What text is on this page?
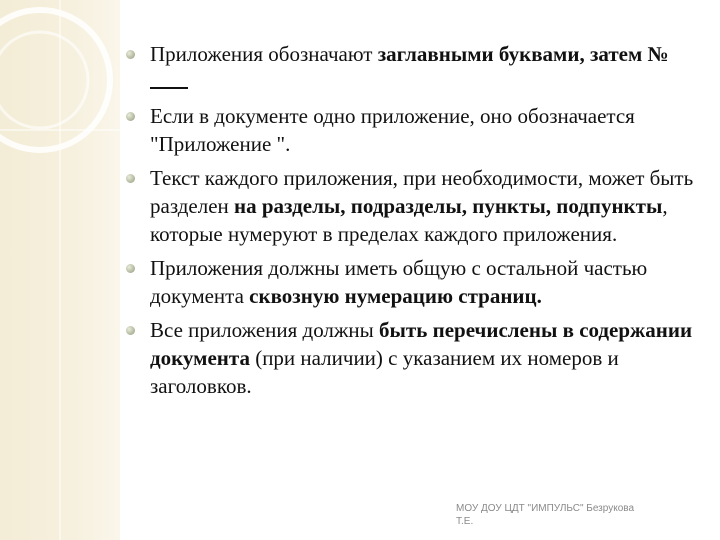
Приложения обозначают заглавными буквами, затем №
Если в документе одно приложение, оно обозначается "Приложение ".
Текст каждого приложения, при необходимости, может быть разделен на разделы, подразделы, пункты, подпункты, которые нумеруют в пределах каждого приложения.
Приложения должны иметь общую с остальной частью документа сквозную нумерацию страниц.
Все приложения должны быть перечислены в содержании документа (при наличии) с указанием их номеров и заголовков.
МОУ ДОУ ЦДТ "ИМПУЛЬС" Безрукова
Т.Е.
